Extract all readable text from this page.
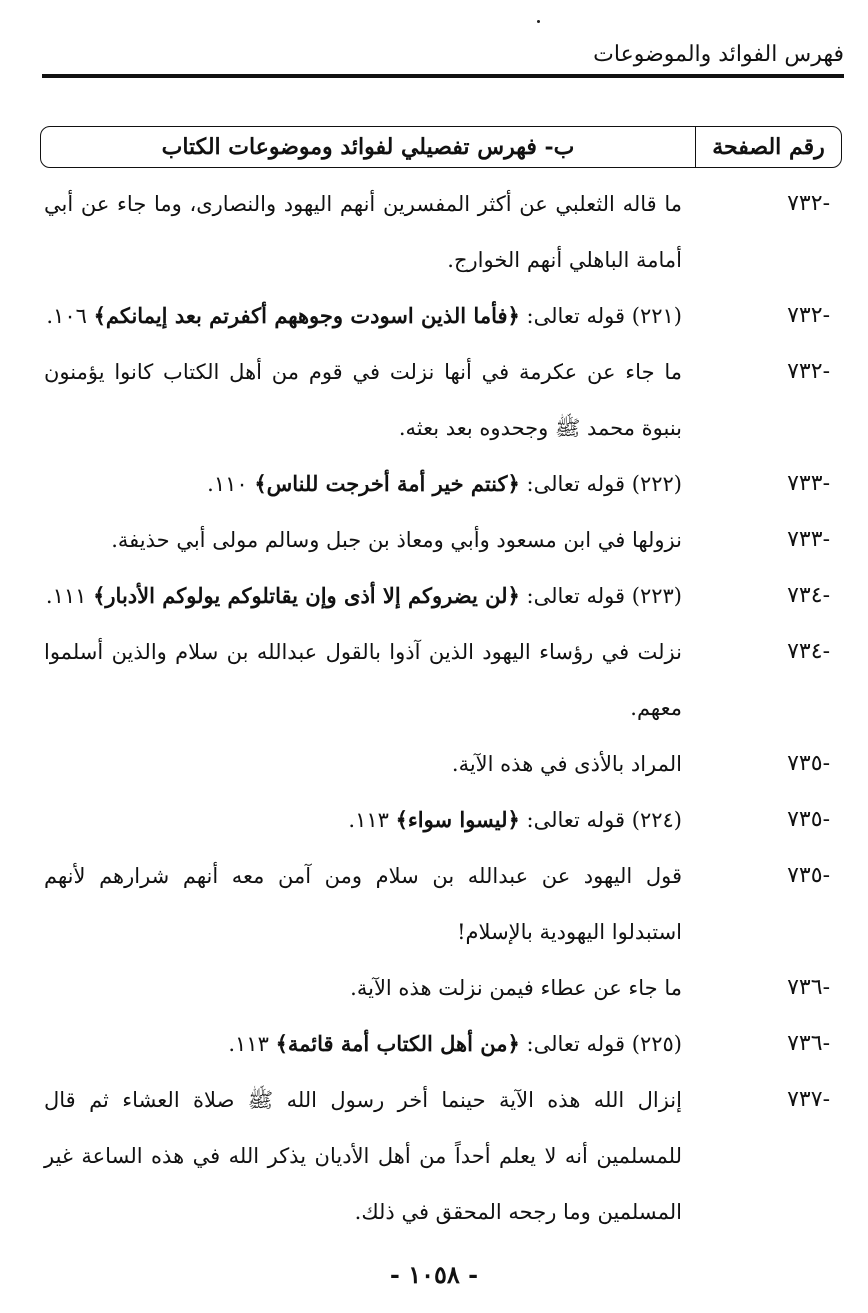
فهرس الفوائد والموضوعات
رقم الصفحة
ب- فهرس تفصيلي لفوائد وموضوعات الكتاب
-٧٣٢
ما قاله الثعلبي عن أكثر المفسرين أنهم اليهود والنصارى، وما جاء عن أبي أمامة الباهلي أنهم الخوارج.
-٧٣٢
(٢٢١) قوله تعالى: ﴿فأما الذين اسودت وجوههم أكفرتم بعد إيمانكم﴾ ١٠٦.
-٧٣٢
ما جاء عن عكرمة في أنها نزلت في قوم من أهل الكتاب كانوا يؤمنون بنبوة محمد ﷺ وجحدوه بعد بعثه.
-٧٣٣
(٢٢٢) قوله تعالى: ﴿كنتم خير أمة أخرجت للناس﴾ ١١٠.
-٧٣٣
نزولها في ابن مسعود وأبي ومعاذ بن جبل وسالم مولى أبي حذيفة.
-٧٣٤
(٢٢٣) قوله تعالى: ﴿لن يضروكم إلا أذى وإن يقاتلوكم يولوكم الأدبار﴾ ١١١.
-٧٣٤
نزلت في رؤساء اليهود الذين آذوا بالقول عبدالله بن سلام والذين أسلموا معهم.
-٧٣٥
المراد بالأذى في هذه الآية.
-٧٣٥
(٢٢٤) قوله تعالى: ﴿ليسوا سواء﴾ ١١٣.
-٧٣٥
قول اليهود عن عبدالله بن سلام ومن آمن معه أنهم شرارهم لأنهم استبدلوا اليهودية بالإسلام!
-٧٣٦
ما جاء عن عطاء فيمن نزلت هذه الآية.
-٧٣٦
(٢٢٥) قوله تعالى: ﴿من أهل الكتاب أمة قائمة﴾ ١١٣.
-٧٣٧
إنزال الله هذه الآية حينما أخر رسول الله ﷺ صلاة العشاء ثم قال للمسلمين أنه لا يعلم أحداً من أهل الأديان يذكر الله في هذه الساعة غير المسلمين وما رجحه المحقق في ذلك.
- ١٠٥٨ -
